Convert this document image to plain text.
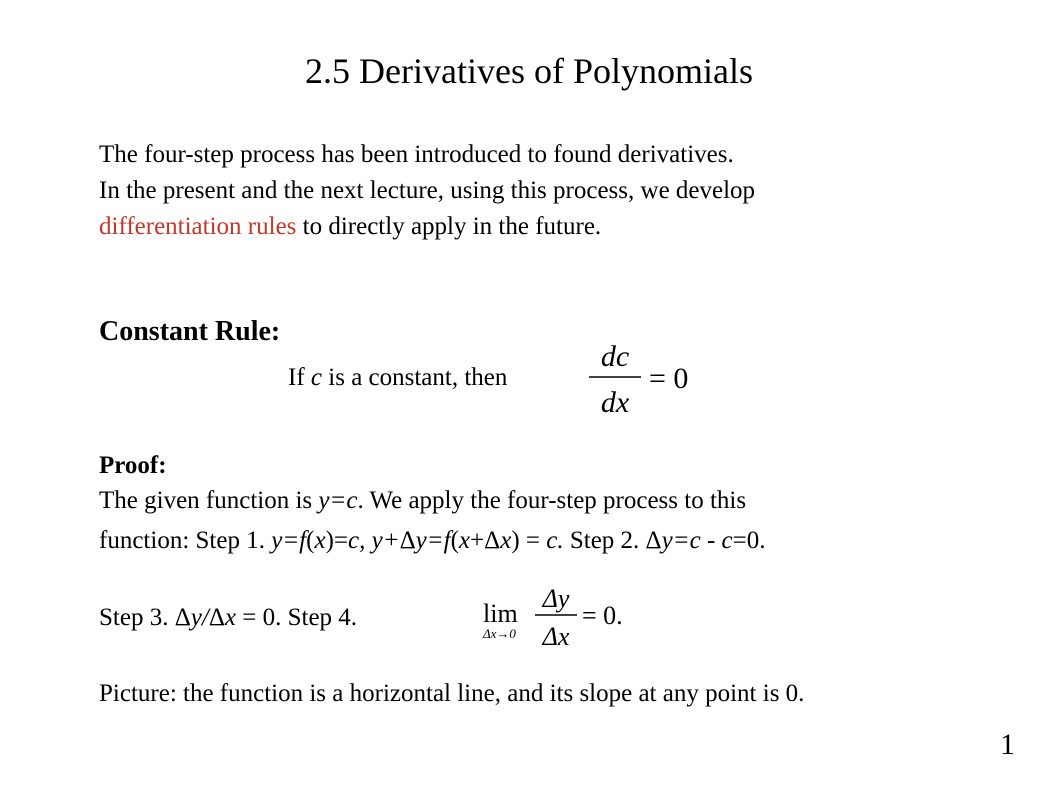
2.5 Derivatives of Polynomials
The four-step process has been introduced to found derivatives.
In the present and the next lecture, using this process, we develop
differentiation rules to directly apply in the future.
Constant Rule:
If c is a constant, then
dc
dx
= 0
Proof:
The given function is y=c. We apply the four-step process to this
function: Step 1. y=f(x)=c, y+Δy=f(x+Δx) = c. Step 2. Δy=c - c=0.
Step 3. Δy/Δx = 0. Step 4.	lim
Δx→0
Δy
Δx
= 0.
Picture: the function is a horizontal line, and its slope at any point is 0.
1
